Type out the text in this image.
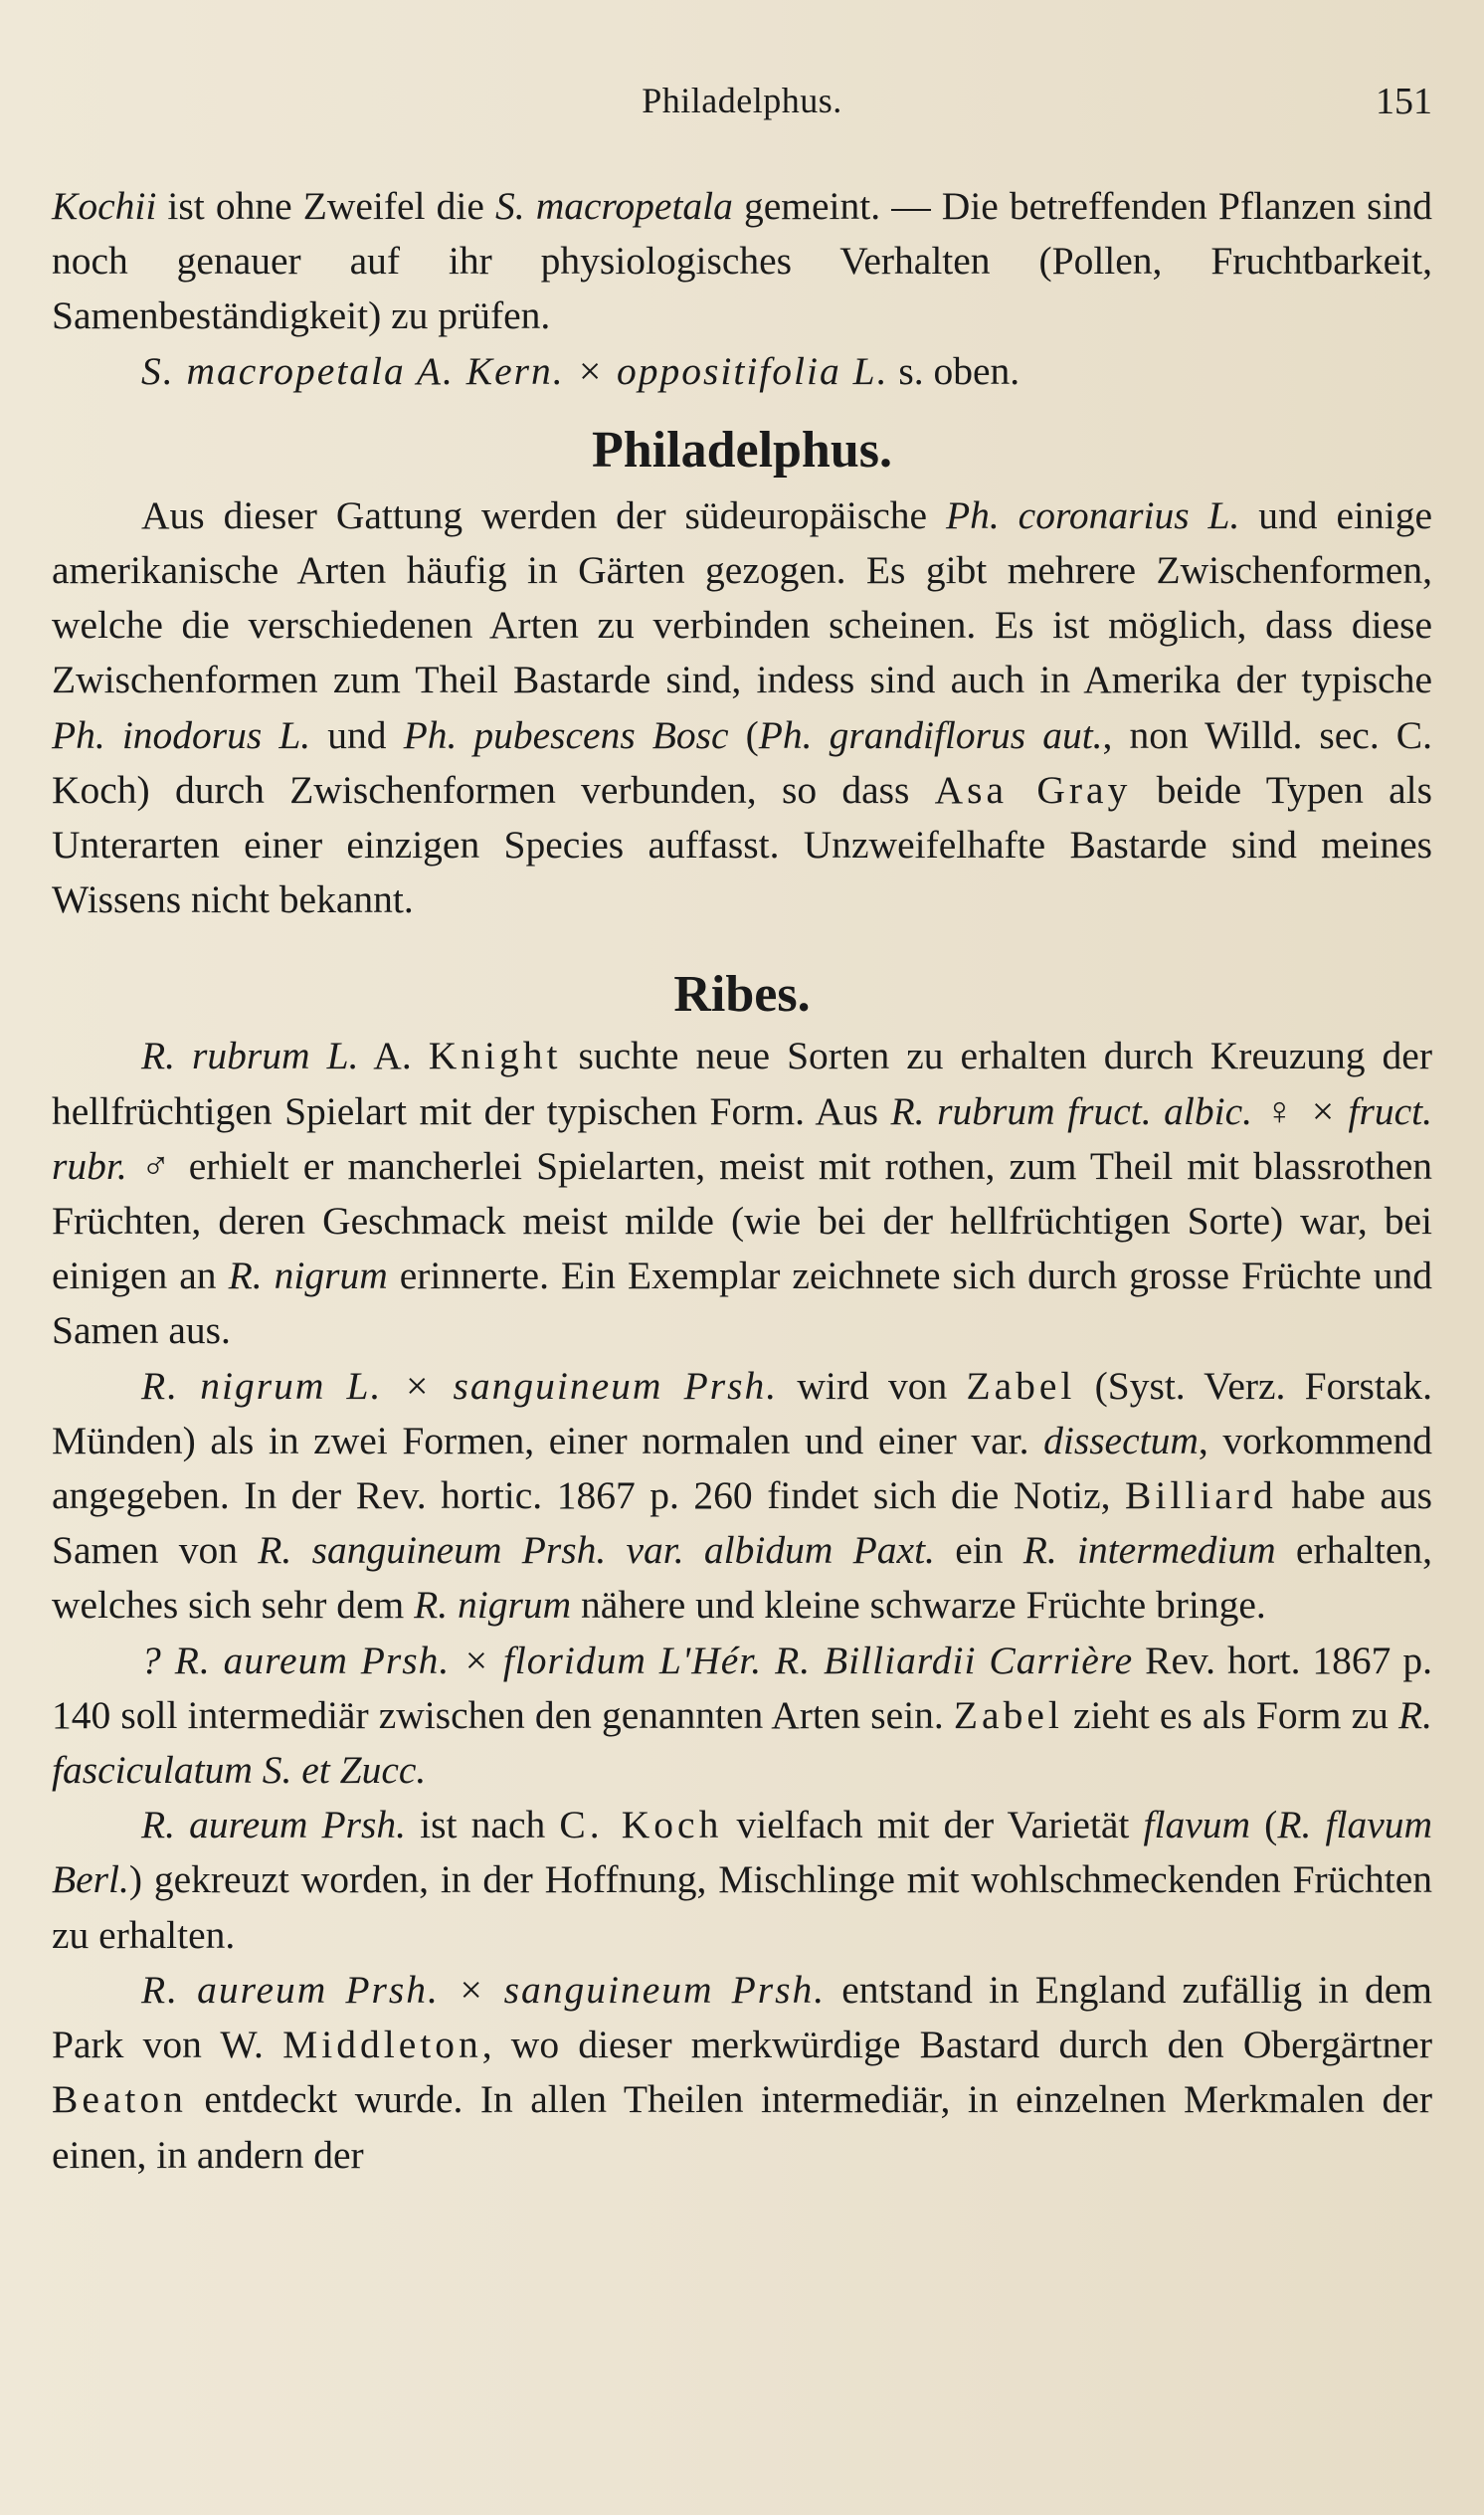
Philadelphus.	151

Kochii ist ohne Zweifel die S. macropetala gemeint. — Die betreffenden Pflanzen sind noch genauer auf ihr physiologisches Verhalten (Pollen, Fruchtbarkeit, Samenbeständigkeit) zu prüfen.

S. macropetala A. Kern. × oppositifolia L. s. oben.

Philadelphus.

Aus dieser Gattung werden der südeuropäische Ph. coronarius L. und einige amerikanische Arten häufig in Gärten gezogen. Es gibt mehrere Zwischenformen, welche die verschiedenen Arten zu verbinden scheinen. Es ist möglich, dass diese Zwischenformen zum Theil Bastarde sind, indess sind auch in Amerika der typische Ph. inodorus L. und Ph. pubescens Bosc (Ph. grandiflorus aut., non Willd. sec. C. Koch) durch Zwischenformen verbunden, so dass Asa Gray beide Typen als Unterarten einer einzigen Species auffasst. Unzweifelhafte Bastarde sind meines Wissens nicht bekannt.

Ribes.

R. rubrum L. A. Knight suchte neue Sorten zu erhalten durch Kreuzung der hellfrüchtigen Spielart mit der typischen Form. Aus R. rubrum fruct. albic. ♀ × fruct. rubr. ♂ erhielt er mancherlei Spielarten, meist mit rothen, zum Theil mit blassrothen Früchten, deren Geschmack meist milde (wie bei der hellfrüchtigen Sorte) war, bei einigen an R. nigrum erinnerte. Ein Exemplar zeichnete sich durch grosse Früchte und Samen aus.

R. nigrum L. × sanguineum Prsh. wird von Zabel (Syst. Verz. Forstak. Münden) als in zwei Formen, einer normalen und einer var. dissectum, vorkommend angegeben. In der Rev. hortic. 1867 p. 260 findet sich die Notiz, Billiard habe aus Samen von R. sanguineum Prsh. var. albidum Paxt. ein R. intermedium erhalten, welches sich sehr dem R. nigrum nähere und kleine schwarze Früchte bringe.

? R. aureum Prsh. × floridum L'Hér. R. Billiardii Carrière Rev. hort. 1867 p. 140 soll intermediär zwischen den genannten Arten sein. Zabel zieht es als Form zu R. fasciculatum S. et Zucc.

R. aureum Prsh. ist nach C. Koch vielfach mit der Varietät flavum (R. flavum Berl.) gekreuzt worden, in der Hoffnung, Mischlinge mit wohlschmeckenden Früchten zu erhalten.

R. aureum Prsh. × sanguineum Prsh. entstand in England zufällig in dem Park von W. Middleton, wo dieser merkwürdige Bastard durch den Obergärtner Beaton entdeckt wurde. In allen Theilen intermediär, in einzelnen Merkmalen der einen, in andern der
